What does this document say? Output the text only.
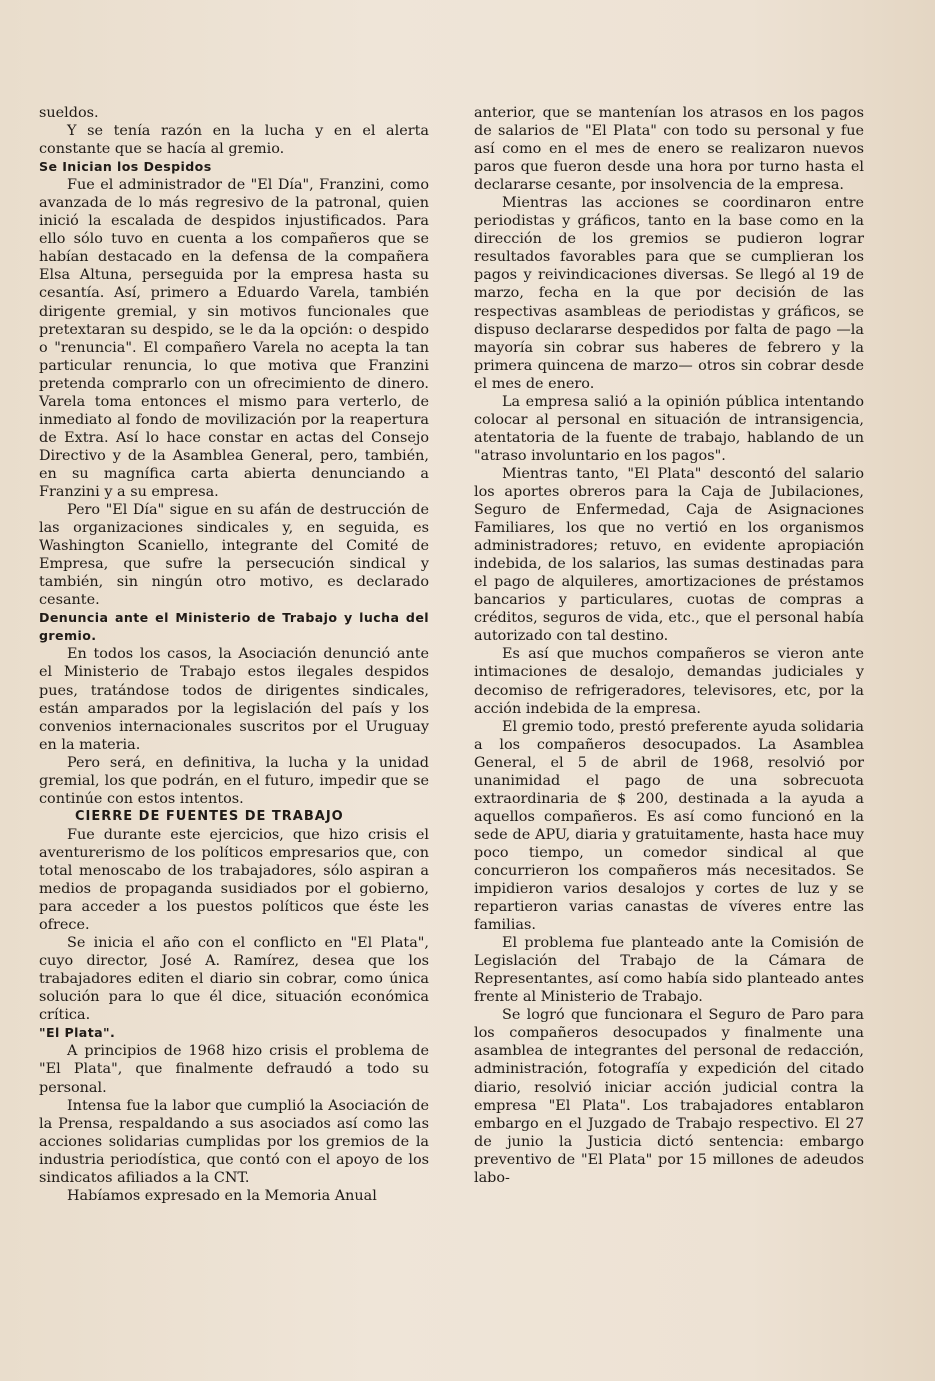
sueldos.

Y se tenía razón en la lucha y en el alerta constante que se hacía al gremio.

Se Inician los Despidos

Fue el administrador de "El Día", Franzini, como avanzada de lo más regresivo de la patronal, quien inició la escalada de despidos injustificados. Para ello sólo tuvo en cuenta a los compañeros que se habían destacado en la defensa de la compañera Elsa Altuna, perseguida por la empresa hasta su cesantía. Así, primero a Eduardo Varela, también dirigente gremial, y sin motivos funcionales que pretextaran su despido, se le da la opción: o despido o "renuncia". El compañero Varela no acepta la tan particular renuncia, lo que motiva que Franzini pretenda comprarlo con un ofrecimiento de dinero. Varela toma entonces el mismo para verterlo, de inmediato al fondo de movilización por la reapertura de Extra. Así lo hace constar en actas del Consejo Directivo y de la Asamblea General, pero, también, en su magnífica carta abierta denunciando a Franzini y a su empresa.

Pero "El Día" sigue en su afán de destrucción de las organizaciones sindicales y, en seguida, es Washington Scaniello, integrante del Comité de Empresa, que sufre la persecución sindical y también, sin ningún otro motivo, es declarado cesante.

Denuncia ante el Ministerio de Trabajo y lucha del gremio.

En todos los casos, la Asociación denunció ante el Ministerio de Trabajo estos ilegales despidos pues, tratándose todos de dirigentes sindicales, están amparados por la legislación del país y los convenios internacionales suscritos por el Uruguay en la materia.

Pero será, en definitiva, la lucha y la unidad gremial, los que podrán, en el futuro, impedir que se continúe con estos intentos.

CIERRE DE FUENTES DE TRABAJO

Fue durante este ejercicios, que hizo crisis el aventurerismo de los políticos empresarios que, con total menoscabo de los trabajadores, sólo aspiran a medios de propaganda susidiados por el gobierno, para acceder a los puestos políticos que éste les ofrece.

Se inicia el año con el conflicto en "El Plata", cuyo director, José A. Ramírez, desea que los trabajadores editen el diario sin cobrar, como única solución para lo que él dice, situación económica crítica.

"El Plata".

A principios de 1968 hizo crisis el problema de "El Plata", que finalmente defraudó a todo su personal.

Intensa fue la labor que cumplió la Asociación de la Prensa, respaldando a sus asociados así como las acciones solidarias cumplidas por los gremios de la industria periodística, que contó con el apoyo de los sindicatos afiliados a la CNT.

Habíamos expresado en la Memoria Anual

anterior, que se mantenían los atrasos en los pagos de salarios de "El Plata" con todo su personal y fue así como en el mes de enero se realizaron nuevos paros que fueron desde una hora por turno hasta el declararse cesante, por insolvencia de la empresa.

Mientras las acciones se coordinaron entre periodistas y gráficos, tanto en la base como en la dirección de los gremios se pudieron lograr resultados favorables para que se cumplieran los pagos y reivindicaciones diversas. Se llegó al 19 de marzo, fecha en la que por decisión de las respectivas asambleas de periodistas y gráficos, se dispuso declararse despedidos por falta de pago —la mayoría sin cobrar sus haberes de febrero y la primera quincena de marzo— otros sin cobrar desde el mes de enero.

La empresa salió a la opinión pública intentando colocar al personal en situación de intransigencia, atentatoria de la fuente de trabajo, hablando de un "atraso involuntario en los pagos".

Mientras tanto, "El Plata" descontó del salario los aportes obreros para la Caja de Jubilaciones, Seguro de Enfermedad, Caja de Asignaciones Familiares, los que no vertió en los organismos administradores; retuvo, en evidente apropiación indebida, de los salarios, las sumas destinadas para el pago de alquileres, amortizaciones de préstamos bancarios y particulares, cuotas de compras a créditos, seguros de vida, etc., que el personal había autorizado con tal destino.

Es así que muchos compañeros se vieron ante intimaciones de desalojo, demandas judiciales y decomiso de refrigeradores, televisores, etc, por la acción indebida de la empresa.

El gremio todo, prestó preferente ayuda solidaria a los compañeros desocupados. La Asamblea General, el 5 de abril de 1968, resolvió por unanimidad el pago de una sobrecuota extraordinaria de $ 200, destinada a la ayuda a aquellos compañeros. Es así como funcionó en la sede de APU, diaria y gratuitamente, hasta hace muy poco tiempo, un comedor sindical al que concurrieron los compañeros más necesitados. Se impidieron varios desalojos y cortes de luz y se repartieron varias canastas de víveres entre las familias.

El problema fue planteado ante la Comisión de Legislación del Trabajo de la Cámara de Representantes, así como había sido planteado antes frente al Ministerio de Trabajo.

Se logró que funcionara el Seguro de Paro para los compañeros desocupados y finalmente una asamblea de integrantes del personal de redacción, administración, fotografía y expedición del citado diario, resolvió iniciar acción judicial contra la empresa "El Plata". Los trabajadores entablaron embargo en el Juzgado de Trabajo respectivo. El 27 de junio la Justicia dictó sentencia: embargo preventivo de "El Plata" por 15 millones de adeudos labo-
